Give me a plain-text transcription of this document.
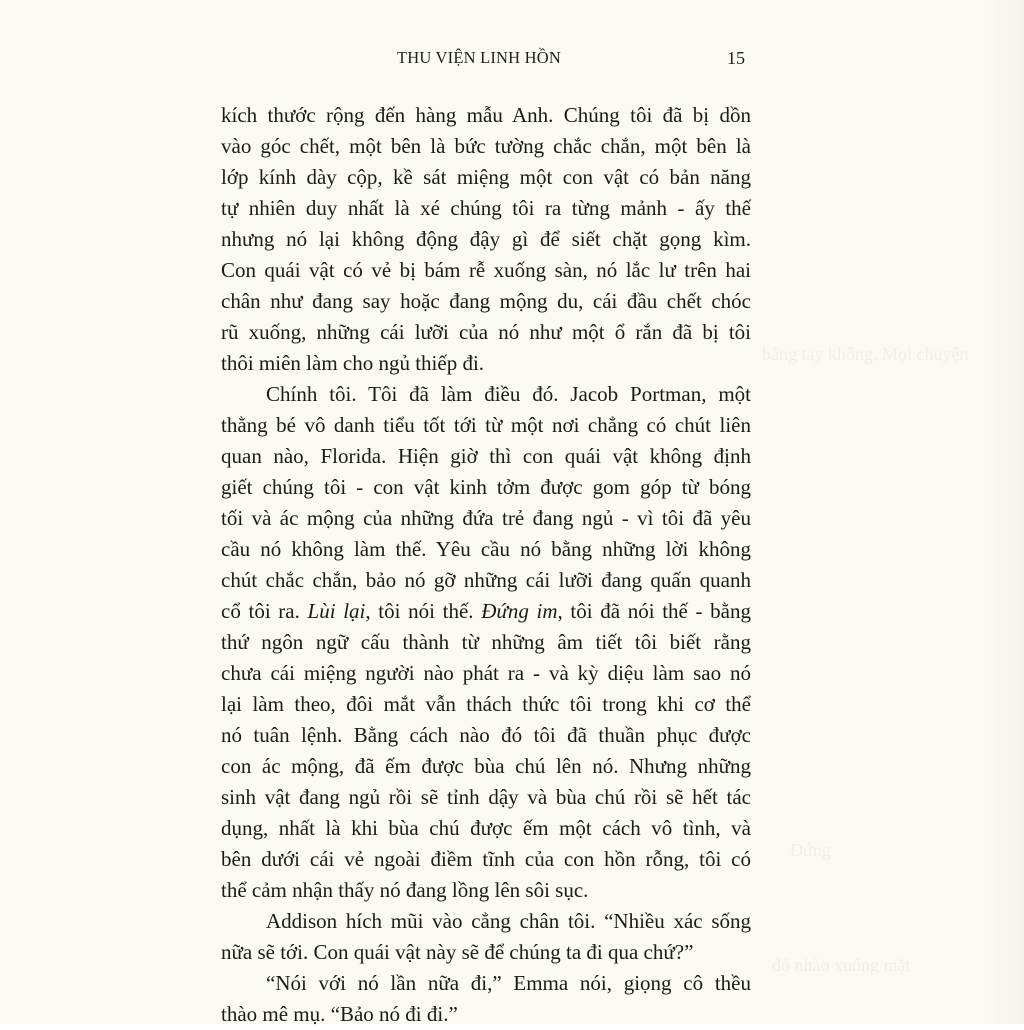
bằng tay không. Mọi chuyện
Đứng
đó nhào xuống mặt
THU VIỆN LINH HỒN	15
kích thước rộng đến hàng mẫu Anh. Chúng tôi đã bị dồn
vào góc chết, một bên là bức tường chắc chắn, một bên là
lớp kính dày cộp, kề sát miệng một con vật có bản năng
tự nhiên duy nhất là xé chúng tôi ra từng mảnh - ấy thế
nhưng nó lại không động đậy gì để siết chặt gọng kìm.
Con quái vật có vẻ bị bám rễ xuống sàn, nó lắc lư trên hai
chân như đang say hoặc đang mộng du, cái đầu chết chóc
rũ xuống, những cái lưỡi của nó như một ổ rắn đã bị tôi
thôi miên làm cho ngủ thiếp đi.
Chính tôi. Tôi đã làm điều đó. Jacob Portman, một
thằng bé vô danh tiểu tốt tới từ một nơi chẳng có chút liên
quan nào, Florida. Hiện giờ thì con quái vật không định
giết chúng tôi - con vật kinh tởm được gom góp từ bóng
tối và ác mộng của những đứa trẻ đang ngủ - vì tôi đã yêu
cầu nó không làm thế. Yêu cầu nó bằng những lời không
chút chắc chắn, bảo nó gỡ những cái lưỡi đang quấn quanh
cổ tôi ra. Lùi lại, tôi nói thế. Đứng im, tôi đã nói thế - bằng
thứ ngôn ngữ cấu thành từ những âm tiết tôi biết rằng
chưa cái miệng người nào phát ra - và kỳ diệu làm sao nó
lại làm theo, đôi mắt vẫn thách thức tôi trong khi cơ thể
nó tuân lệnh. Bằng cách nào đó tôi đã thuần phục được
con ác mộng, đã ếm được bùa chú lên nó. Nhưng những
sinh vật đang ngủ rồi sẽ tỉnh dậy và bùa chú rồi sẽ hết tác
dụng, nhất là khi bùa chú được ếm một cách vô tình, và
bên dưới cái vẻ ngoài điềm tĩnh của con hồn rỗng, tôi có
thể cảm nhận thấy nó đang lồng lên sôi sục.
Addison hích mũi vào cẳng chân tôi. “Nhiều xác sống
nữa sẽ tới. Con quái vật này sẽ để chúng ta đi qua chứ?”
“Nói với nó lần nữa đi,” Emma nói, giọng cô thều
thào mê mụ. “Bảo nó đi đi.”
